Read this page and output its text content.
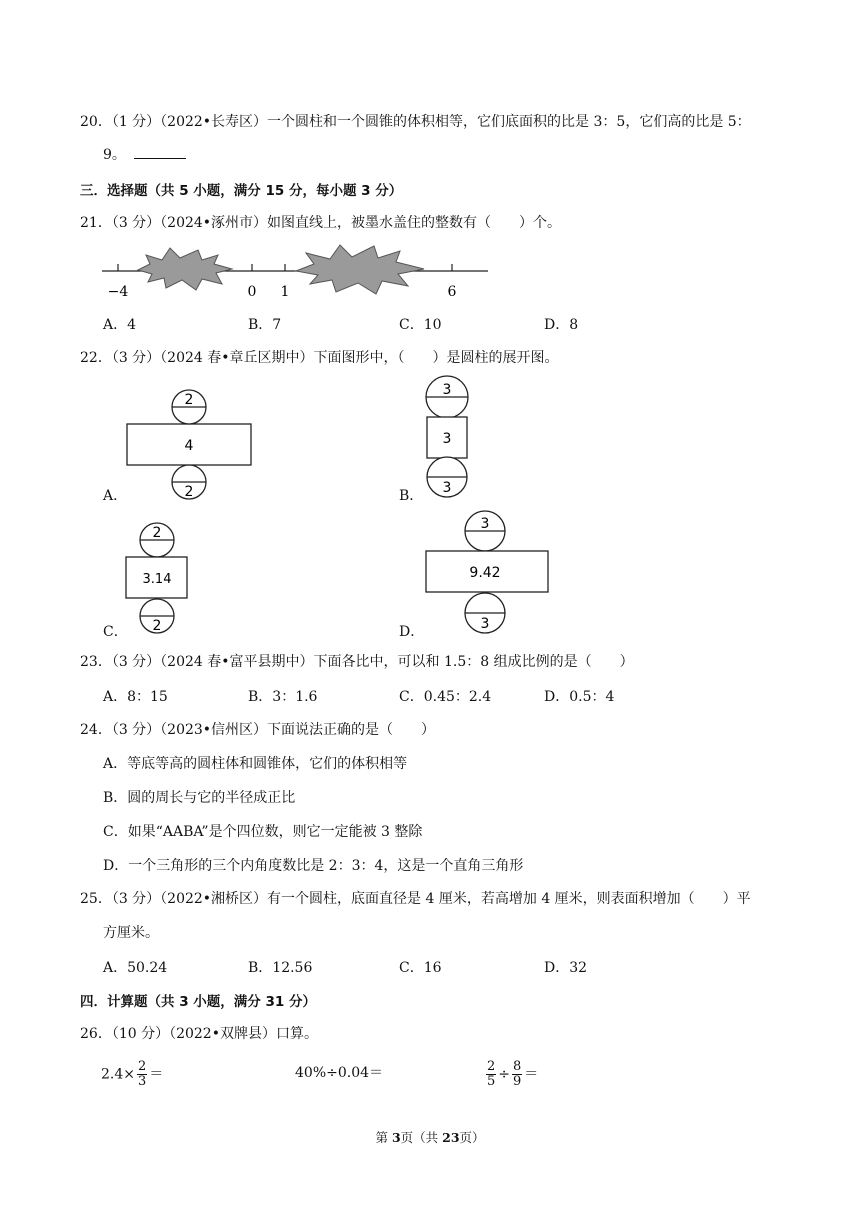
20．（1 分）（2022•长寿区）一个圆柱和一个圆锥的体积相等，它们底面积的比是 3：5，它们高的比是 5：
9。
三．选择题（共 5 小题，满分 15 分，每小题 3 分）
21．（3 分）（2024•涿州市）如图直线上，被墨水盖住的整数有（　　）个。
−4	0 1	6
A．4	B．7	C．10	D．8
22．（3 分）（2024 春•章丘区期中）下面图形中，（　　）是圆柱的展开图。
A．
2
4
2	B．
3
3
3
C．
2
3.14
2	D．
3
9.42
3
23．（3 分）（2024 春•富平县期中）下面各比中，可以和 1.5：8 组成比例的是（　　）
A．8：15	B．3：1.6	C．0.45：2.4	D．0.5：4
24．（3 分）（2023•信州区）下面说法正确的是（　　）
A．等底等高的圆柱体和圆锥体，它们的体积相等
B．圆的周长与它的半径成正比
C．如果“AABA”是个四位数，则它一定能被 3 整除
D．一个三角形的三个内角度数比是 2：3：4，这是一个直角三角形
25．（3 分）（2022•湘桥区）有一个圆柱，底面直径是 4 厘米，若高增加 4 厘米，则表面积增加（　　）平
方厘米。
A．50.24	B．12.56	C．16	D．32
四．计算题（共 3 小题，满分 31 分）
26．（10 分）（2022•双牌县）口算。
$2.4\times \frac{2}{3}$ ＝	40%÷0.04＝	$\frac{2}{5} \div \frac{8}{9}$ ＝
第 3页（共 23页）
